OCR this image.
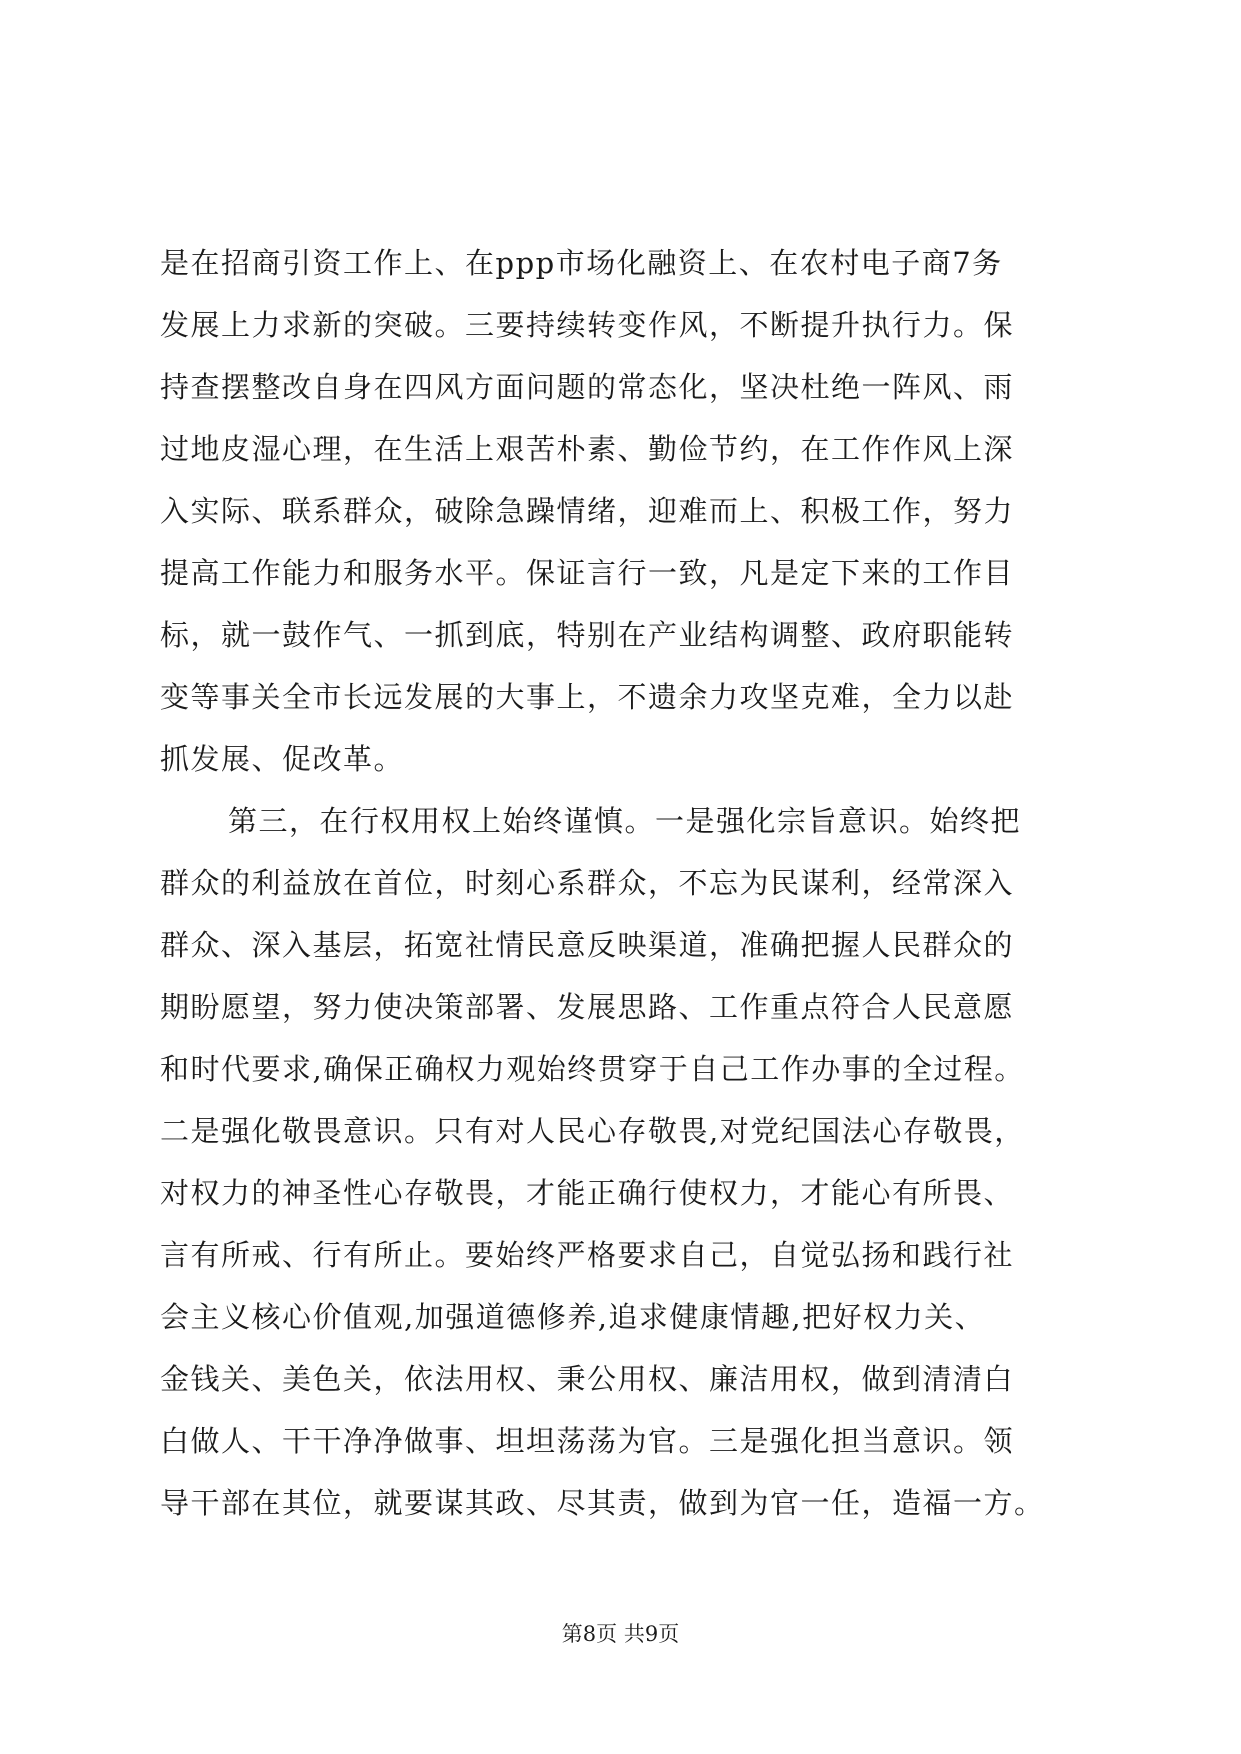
是在招商引资工作上、在ppp市场化融资上、在农村电子商7务
发展上力求新的突破。三要持续转变作风，不断提升执行力。保
持查摆整改自身在四风方面问题的常态化，坚决杜绝一阵风、雨
过地皮湿心理，在生活上艰苦朴素、勤俭节约，在工作作风上深
入实际、联系群众，破除急躁情绪，迎难而上、积极工作，努力
提高工作能力和服务水平。保证言行一致，凡是定下来的工作目
标，就一鼓作气、一抓到底，特别在产业结构调整、政府职能转
变等事关全市长远发展的大事上，不遗余力攻坚克难，全力以赴
抓发展、促改革。
第三，在行权用权上始终谨慎。一是强化宗旨意识。始终把
群众的利益放在首位，时刻心系群众，不忘为民谋利，经常深入
群众、深入基层，拓宽社情民意反映渠道，准确把握人民群众的
期盼愿望，努力使决策部署、发展思路、工作重点符合人民意愿
和时代要求,确保正确权力观始终贯穿于自己工作办事的全过程。
二是强化敬畏意识。只有对人民心存敬畏,对党纪国法心存敬畏，
对权力的神圣性心存敬畏，才能正确行使权力，才能心有所畏、
言有所戒、行有所止。要始终严格要求自己，自觉弘扬和践行社
会主义核心价值观,加强道德修养,追求健康情趣,把好权力关、
金钱关、美色关，依法用权、秉公用权、廉洁用权，做到清清白
白做人、干干净净做事、坦坦荡荡为官。三是强化担当意识。领
导干部在其位，就要谋其政、尽其责，做到为官一任，造福一方。
第8页 共9页
